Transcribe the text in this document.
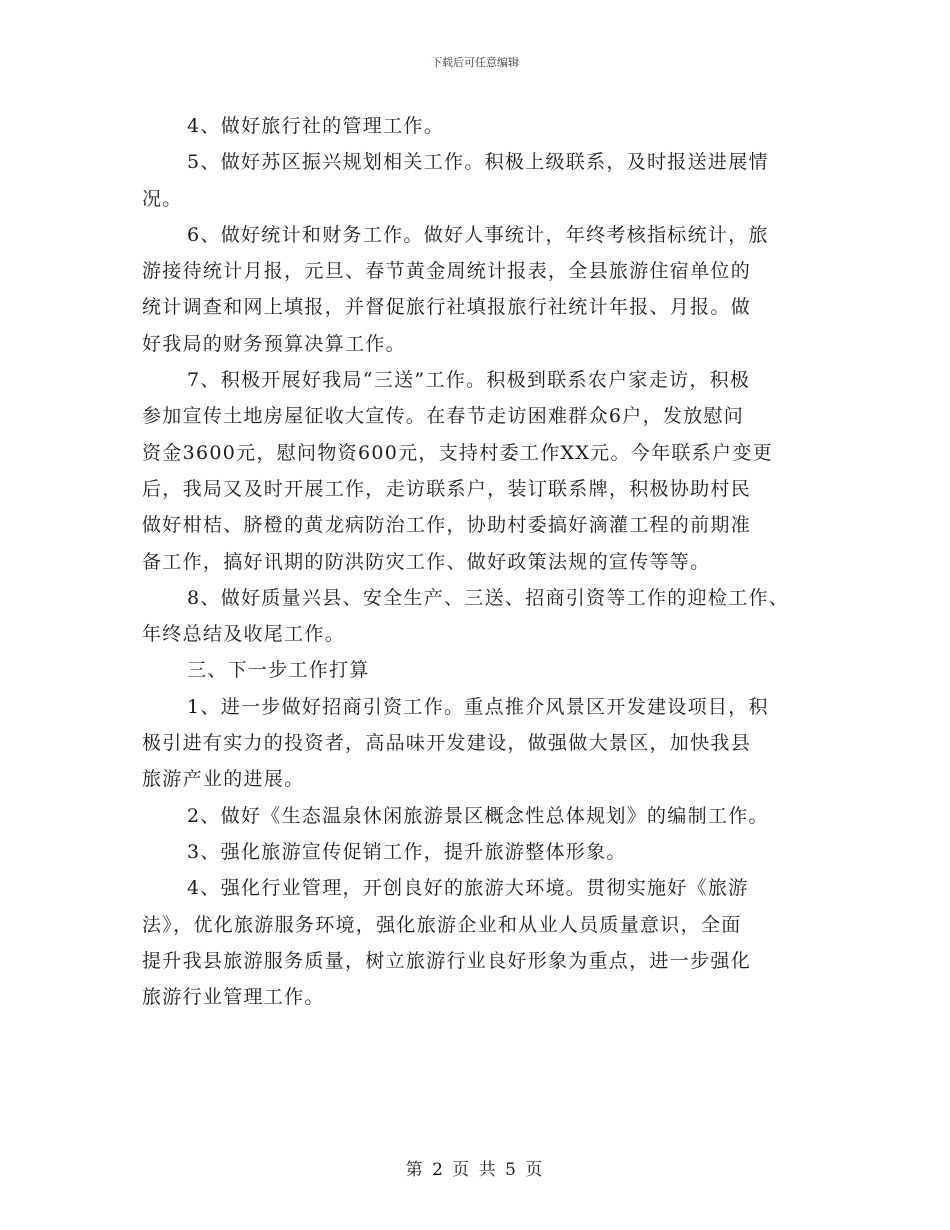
下载后可任意编辑
4、做好旅行社的管理工作。
5、做好苏区振兴规划相关工作。积极上级联系，及时报送进展情
况。
6、做好统计和财务工作。做好人事统计，年终考核指标统计，旅
游接待统计月报，元旦、春节黄金周统计报表，全县旅游住宿单位的
统计调查和网上填报，并督促旅行社填报旅行社统计年报、月报。做
好我局的财务预算决算工作。
7、积极开展好我局“三送”工作。积极到联系农户家走访，积极
参加宣传土地房屋征收大宣传。在春节走访困难群众6户，发放慰问
资金3600元，慰问物资600元，支持村委工作XX元。今年联系户变更
后，我局又及时开展工作，走访联系户，装订联系牌，积极协助村民
做好柑桔、脐橙的黄龙病防治工作，协助村委搞好滴灌工程的前期准
备工作，搞好讯期的防洪防灾工作、做好政策法规的宣传等等。
8、做好质量兴县、安全生产、三送、招商引资等工作的迎检工作、
年终总结及收尾工作。
三、下一步工作打算
1、进一步做好招商引资工作。重点推介风景区开发建设项目，积
极引进有实力的投资者，高品味开发建设，做强做大景区，加快我县
旅游产业的进展。
2、做好《生态温泉休闲旅游景区概念性总体规划》的编制工作。
3、强化旅游宣传促销工作，提升旅游整体形象。
4、强化行业管理，开创良好的旅游大环境。贯彻实施好《旅游
法》，优化旅游服务环境，强化旅游企业和从业人员质量意识，全面
提升我县旅游服务质量，树立旅游行业良好形象为重点，进一步强化
旅游行业管理工作。
第 2 页 共 5 页
